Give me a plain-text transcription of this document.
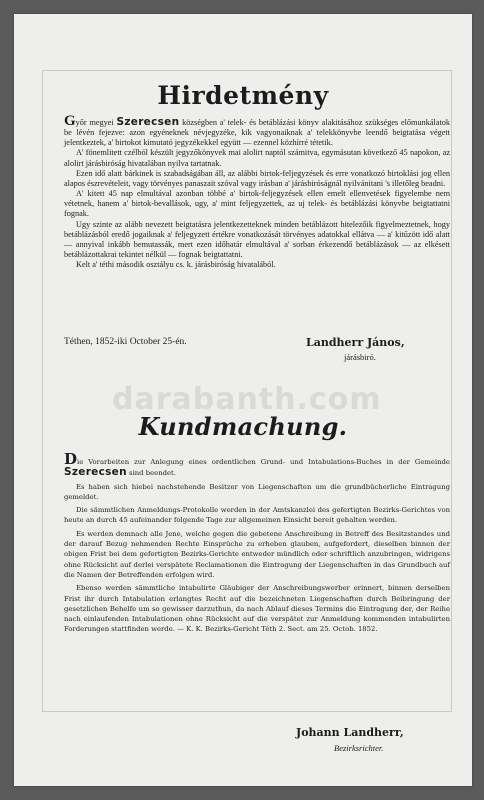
Hirdetmény

Győr megyei Szerecsen községben a' telek- és betáblázási könyv alakitásához szükséges előmunkálatok be lévén fejezve: azon egyéneknek névjegyzéke, kik vagyonaiknak a' telekkönyvbe leendő beigtatása végett jelentkeztek, a' birtokot kimutató jegyzékekkel együtt — ezennel közhírré tétetik.

A' fönemlitett czélból készült jegyzőkönyvek mai alolirt naptól számitva, egymásutan következő 45 napokon, az alolirt járásbiróság hivatalában nyilva tartatnak.

Ezen idő alatt bárkinek is szabadságában áll, az alábbi birtok-feljegyzések és erre vonatkozó birtoklási jog ellen alapos észrevételeit, vagy törvényes panaszait szóval vagy irásban a' járásbiróságnál nyilvánitani 's illetőleg beadni.

A' kitett 45 nap elmultával azonban többé a' birtok-feljegyzések ellen emelt ellenvetések figyelembe nem vétetnek, hanem a' birtok-bevallások, ugy, a' mint feljegyzettek, az uj telek- és betáblázási könyvbe beigtattatni fognak.

Ugy szinte az alább nevezett beigtatásra jelentkezetteknek minden betáblázott hitelezőik figyelmeztetnek, hogy betáblázásból eredő jogaiknak a' feljegyzett értékre vonatkozását törvényes adatokkal ellátva — a' kitűzött idő alatt — annyival inkább bemutassák, mert ezen időhatár elmultával a' sorban érkezendő betáblázások — az elkésett betáblázottakrai tekintet nélkül — fognak beigtattatni.

Kelt a' téthi második osztályu cs. k. járásbiróság hivatalából.

Téthen, 1852-iki October 25-én.	Landherr János,
járásbiró.
darabanth.com
Kundmachung.

Die Vorarbeiten zur Anlegung eines ordentlichen Grund- und Intabulations-Buches in der Gemeinde Szerecsen sind beendet.

Es haben sich hiebei nachstehende Besitzer von Liegenschaften um die grundbücherliche Eintragung gemeldet.

Die sämmtlichen Anmeldungs-Protokolle werden in der Amtskanzlei des gefertigten Bezirks-Gerichtes von heute an durch 45 aufeinander folgende Tage zur allgemeinen Einsicht bereit gehalten werden.

Es werden demnach alle Jene, welche gegen die gebetene Anschreibung in Betreff des Besitzstandes und der darauf Bezug nehmenden Rechte Einsprüche zu erheben glauben, aufgefordert, dieselben binnen der obigen Frist bei dem gefertigten Bezirks-Gerichte entweder mündlich oder schriftlich anzubringen, widrigens ohne Rücksicht auf derlei verspätete Reclamationen die Eintragung der Liegenschaften in das Grundbuch auf die Namen der Betreffenden erfolgen wird.

Ebenso werden sämmtliche intabulirte Gläubiger der Anschreibungswerber erinnert, binnen derselben Frist ihr durch Intabulation erlangtes Recht auf die bezeichneten Liegenschaften durch Beibringung der gesetzlichen Behelfe um so gewisser darzuthun, da nach Ablauf dieses Termins die Eintragung der, der Reihe nach einlaufenden Intabulationen ohne Rücksicht auf die verspätet zur Anmeldung kommenden intabulirten Forderungen stattfinden werde. — K. K. Bezirks-Gericht Téth 2. Sect. am 25. Octob. 1852.

Johann Landherr,
Bezirksrichter.
